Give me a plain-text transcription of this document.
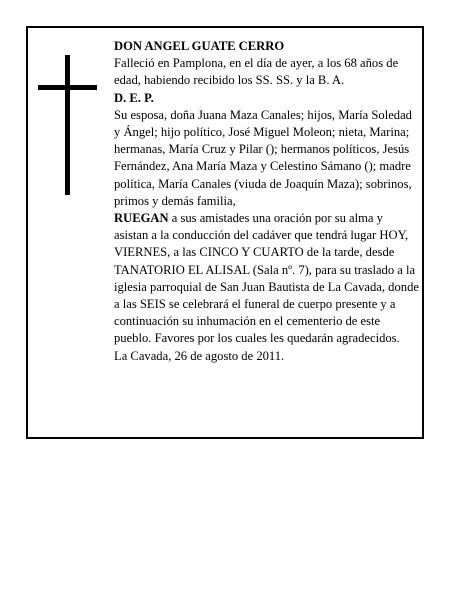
DON ANGEL GUATE CERRO

Falleció en Pamplona, en el día de ayer, a los 68 años de edad, habiendo recibido los SS. SS. y la B. A.

D. E. P.

Su esposa, doña Juana Maza Canales; hijos, María Soledad y Ángel; hijo político, José Miguel Moleon; nieta, Marina; hermanas, María Cruz y Pilar (); hermanos políticos, Jesús Fernández, Ana María Maza y Celestino Sámano (); madre política, María Canales (viuda de Joaquín Maza); sobrinos, primos y demás familia,

RUEGAN a sus amistades una oración por su alma y asistan a la conducción del cadáver que tendrá lugar HOY, VIERNES, a las CINCO Y CUARTO de la tarde, desde TANATORIO EL ALISAL (Sala nº. 7), para su traslado a la iglesia parroquial de San Juan Bautista de La Cavada, donde a las SEIS se celebrará el funeral de cuerpo presente y a continuación su inhumación en el cementerio de este pueblo. Favores por los cuales les quedarán agradecidos.

La Cavada, 26 de agosto de 2011.
